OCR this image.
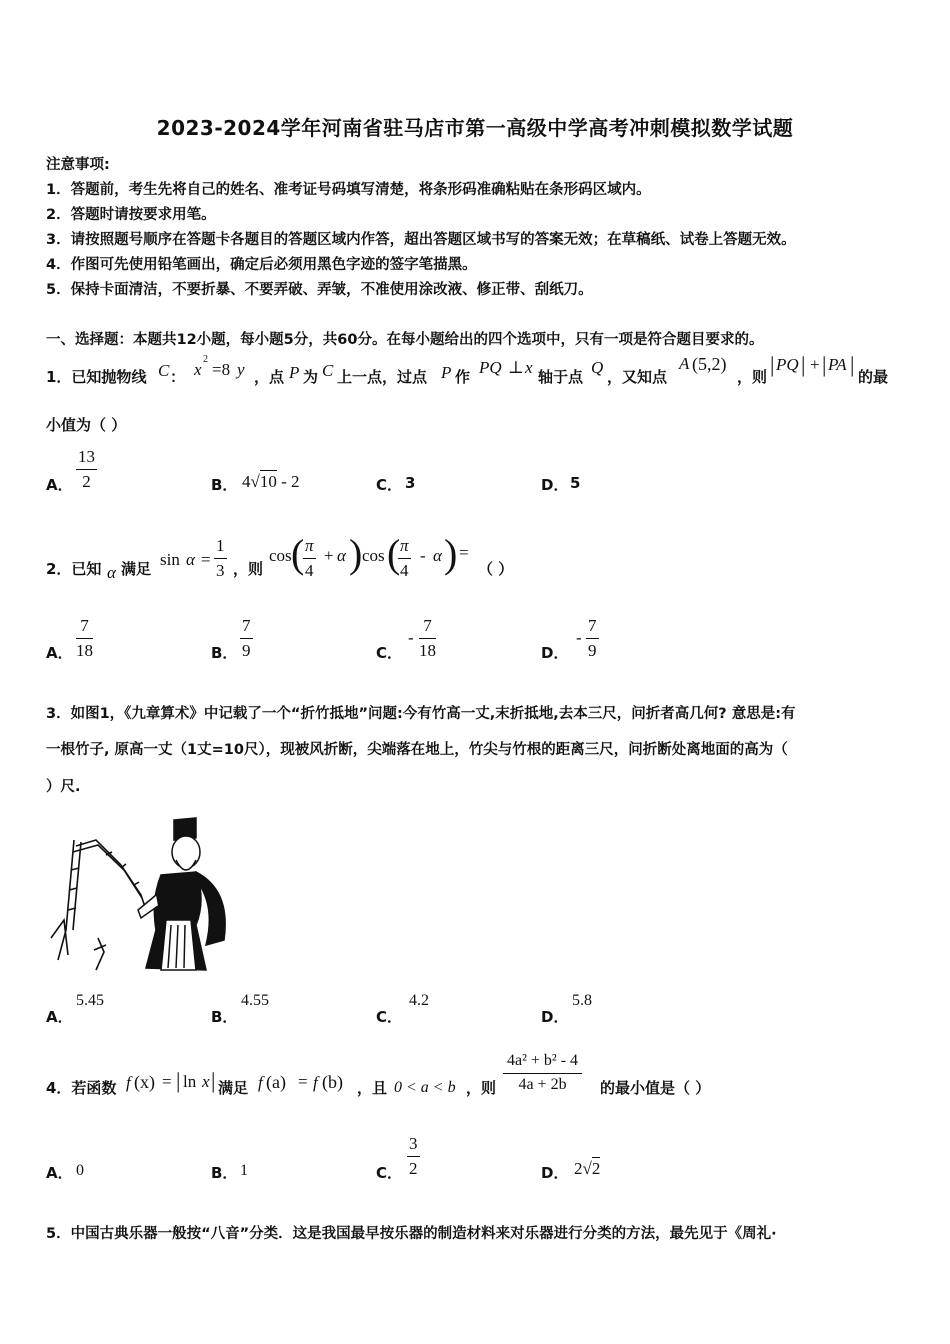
2023-2024学年河南省驻马店市第一高级中学高考冲刺模拟数学试题
注意事项:
1．答题前，考生先将自己的姓名、准考证号码填写清楚，将条形码准确粘贴在条形码区域内。
2．答题时请按要求用笔。
3．请按照题号顺序在答题卡各题目的答题区域内作答，超出答题区域书写的答案无效；在草稿纸、试卷上答题无效。
4．作图可先使用铅笔画出，确定后必须用黑色字迹的签字笔描黑。
5．保持卡面清洁，不要折暴、不要弄破、弄皱，不准使用涂改液、修正带、刮纸刀。
一、选择题：本题共12小题，每小题5分，共60分。在每小题给出的四个选项中，只有一项是符合题目要求的。
1．已知抛物线 C ： x
2
=8 y ，点 P 为 C 上一点，过点 P 作 PQ ⊥ x 轴于点 Q ，又知点
A (5,2)
，则 | PQ | + | PA | 的最
小值为（ ）
A． $\frac{13}{2}$	B． 4√10 - 2	C． 3	D． 5
2．已知 α 满足 $\sin \alpha = \frac{1}{3}$ ，则
cos (
$\frac{\pi}{4} + \alpha$ ) cos (
$\frac{\pi}{4}$ - α ) =
（ ）
A． $\frac{7}{18}$	B． $\frac{7}{9}$	C．
- $\frac{7}{18}$	D．
- $\frac{7}{9}$
3．如图1，《九章算术》中记载了一个“折竹抵地”问题:今有竹高一丈,末折抵地,去本三尺，问折者高几何? 意思是:有
一根竹子, 原高一丈（1丈=10尺），现被风折断，尖端落在地上，竹尖与竹根的距离三尺，问折断处离地面的高为（
）尺.
A．
5.45
B．
4.55
C．
4.2
D．
5.8
4．若函数 f (x) = | ln x | 满足 f (a) = f (b) ，且 0 < a < b ，则 $\frac{\text{4a² + b² - 4}}{4a + 2b}$ 的最小值是（ ）
A． 0	B． 1	C． $\frac{3}{2}$	D． 2√2
5．中国古典乐器一般按“八音”分类．这是我国最早按乐器的制造材料来对乐器进行分类的方法，最先见于《周礼·
